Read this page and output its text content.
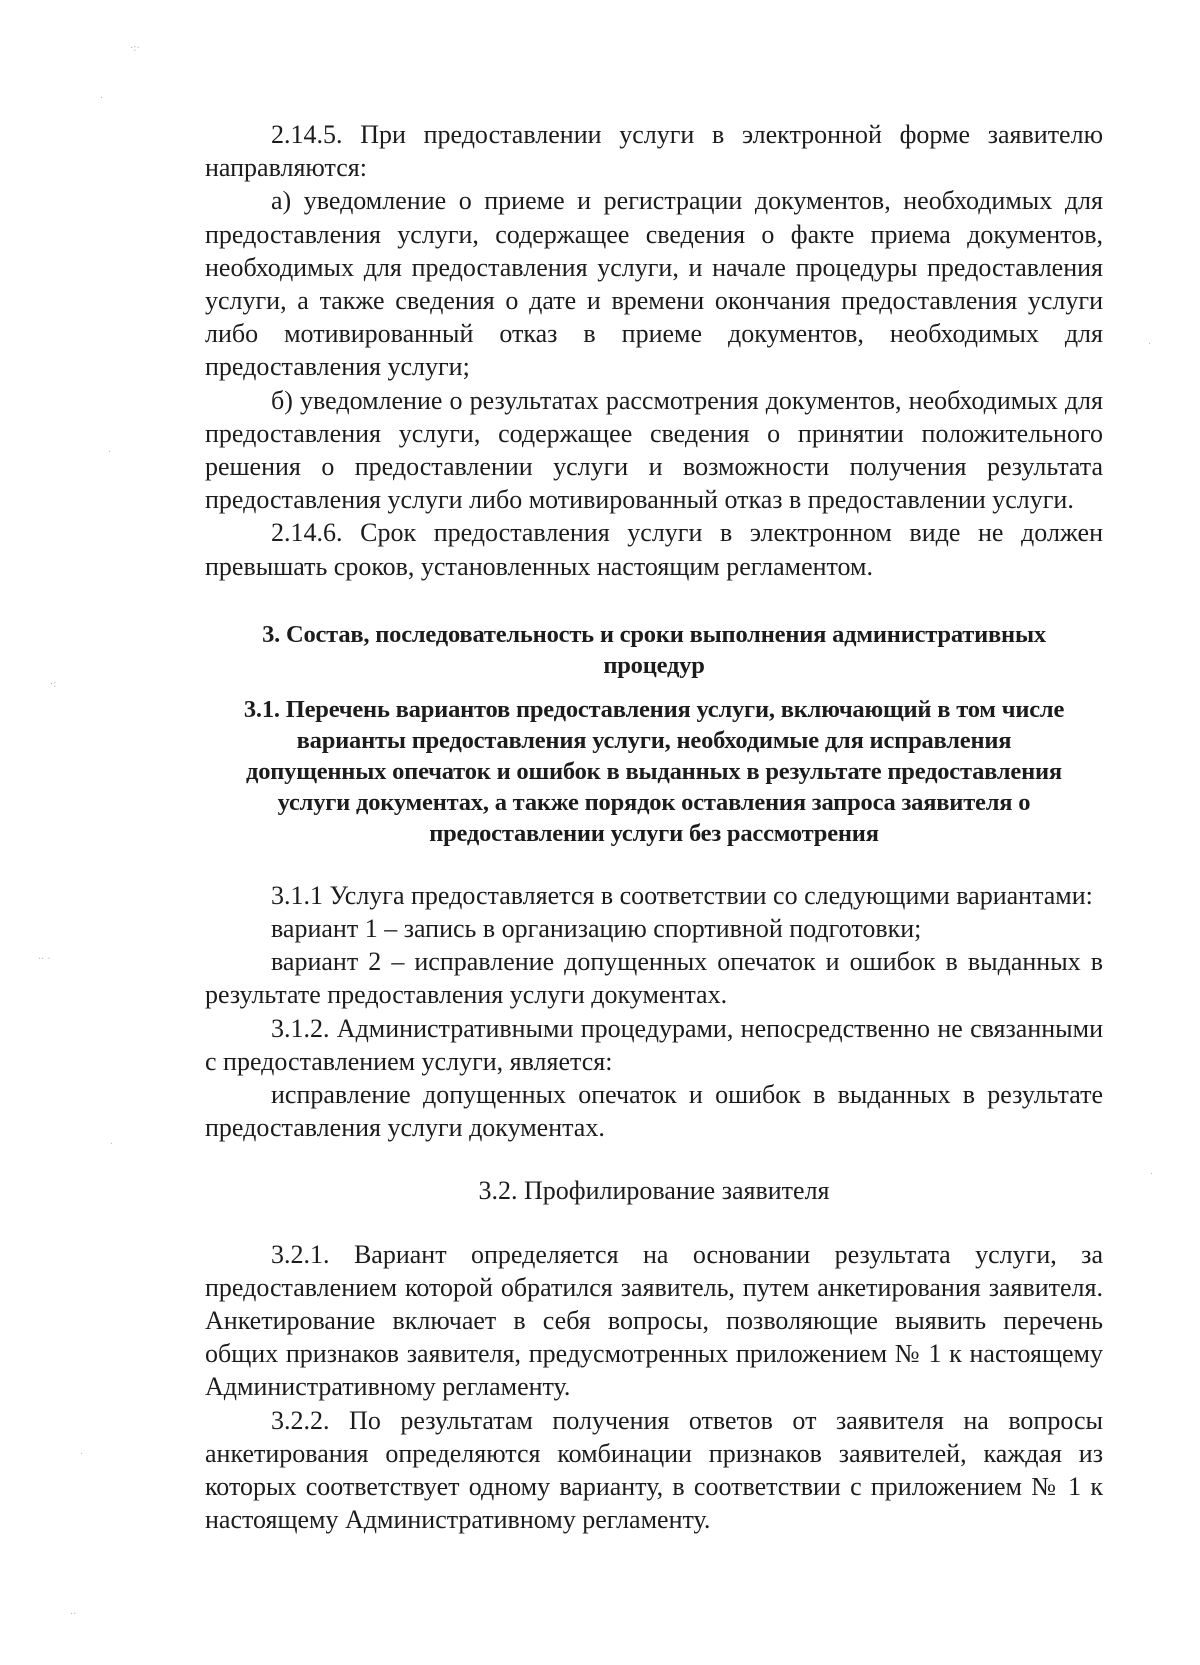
·:·
·
·
·:
·· ·
·
·
··
·
·

2.14.5. При предоставлении услуги в электронной форме заявителю направляются:

а) уведомление о приеме и регистрации документов, необходимых для предоставления услуги, содержащее сведения о факте приема документов, необходимых для предоставления услуги, и начале процедуры предоставления услуги, а также сведения о дате и времени окончания предоставления услуги либо мотивированный отказ в приеме документов, необходимых для предоставления услуги;

б) уведомление о результатах рассмотрения документов, необходимых для предоставления услуги, содержащее сведения о принятии положительного решения о предоставлении услуги и возможности получения результата предоставления услуги либо мотивированный отказ в предоставлении услуги.

2.14.6. Срок предоставления услуги в электронном виде не должен превышать сроков, установленных настоящим регламентом.

3. Состав, последовательность и сроки выполнения административных
процедур
3.1. Перечень вариантов предоставления услуги, включающий в том числе
варианты предоставления услуги, необходимые для исправления
допущенных опечаток и ошибок в выданных в результате предоставления
услуги документах, а также порядок оставления запроса заявителя о
предоставлении услуги без рассмотрения

3.1.1 Услуга предоставляется в соответствии со следующими вариантами:

вариант 1 – запись в организацию спортивной подготовки;

вариант 2 – исправление допущенных опечаток и ошибок в выданных в результате предоставления услуги документах.

3.1.2. Административными процедурами, непосредственно не связанными с предоставлением услуги, является:

исправление допущенных опечаток и ошибок в выданных в результате предоставления услуги документах.

3.2. Профилирование заявителя

3.2.1. Вариант определяется на основании результата услуги, за предоставлением которой обратился заявитель, путем анкетирования заявителя. Анкетирование включает в себя вопросы, позволяющие выявить перечень общих признаков заявителя, предусмотренных приложением № 1 к настоящему Административному регламенту.

3.2.2. По результатам получения ответов от заявителя на вопросы анкетирования определяются комбинации признаков заявителей, каждая из которых соответствует одному варианту, в соответствии с приложением № 1 к настоящему Административному регламенту.
